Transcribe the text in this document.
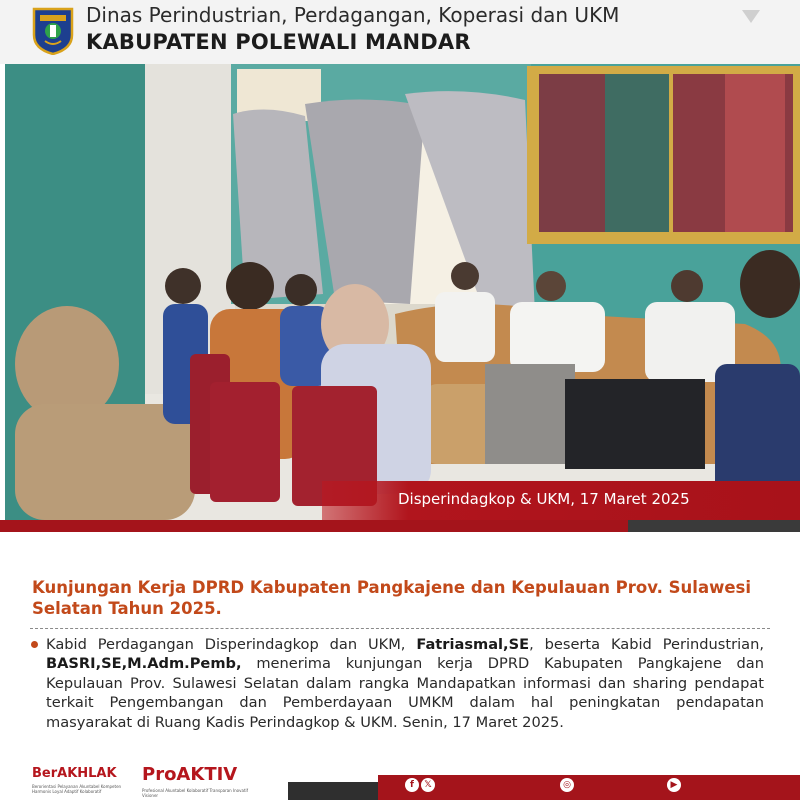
Dinas Perindustrian, Perdagangan, Koperasi dan UKM
KABUPATEN POLEWALI MANDAR
Disperindagkop & UKM, 17 Maret 2025
Kunjungan Kerja DPRD Kabupaten Pangkajene dan Kepulauan Prov. Sulawesi Selatan Tahun 2025.
Kabid Perdagangan Disperindagkop dan UKM, Fatriasmal,SE, beserta Kabid Perindustrian, BASRI,SE,M.Adm.Pemb, menerima kunjungan kerja DPRD Kabupaten Pangkajene dan Kepulauan Prov. Sulawesi Selatan dalam rangka Mandapatkan informasi dan sharing pendapat terkait Pengembangan dan Pemberdayaan UMKM dalam hal peningkatan pendapatan masyarakat di Ruang Kadis Perindagkop & UKM. Senin, 17 Maret 2025.
BerAKHLAK
Berorientasi Pelayanan Akuntabel Kompeten Harmonis Loyal Adaptif Kolaboratif
ProAKTIV
Profesional Akuntabel Kolaboratif Transparan Inovatif Visioner
f	𝕏	◎	▶
